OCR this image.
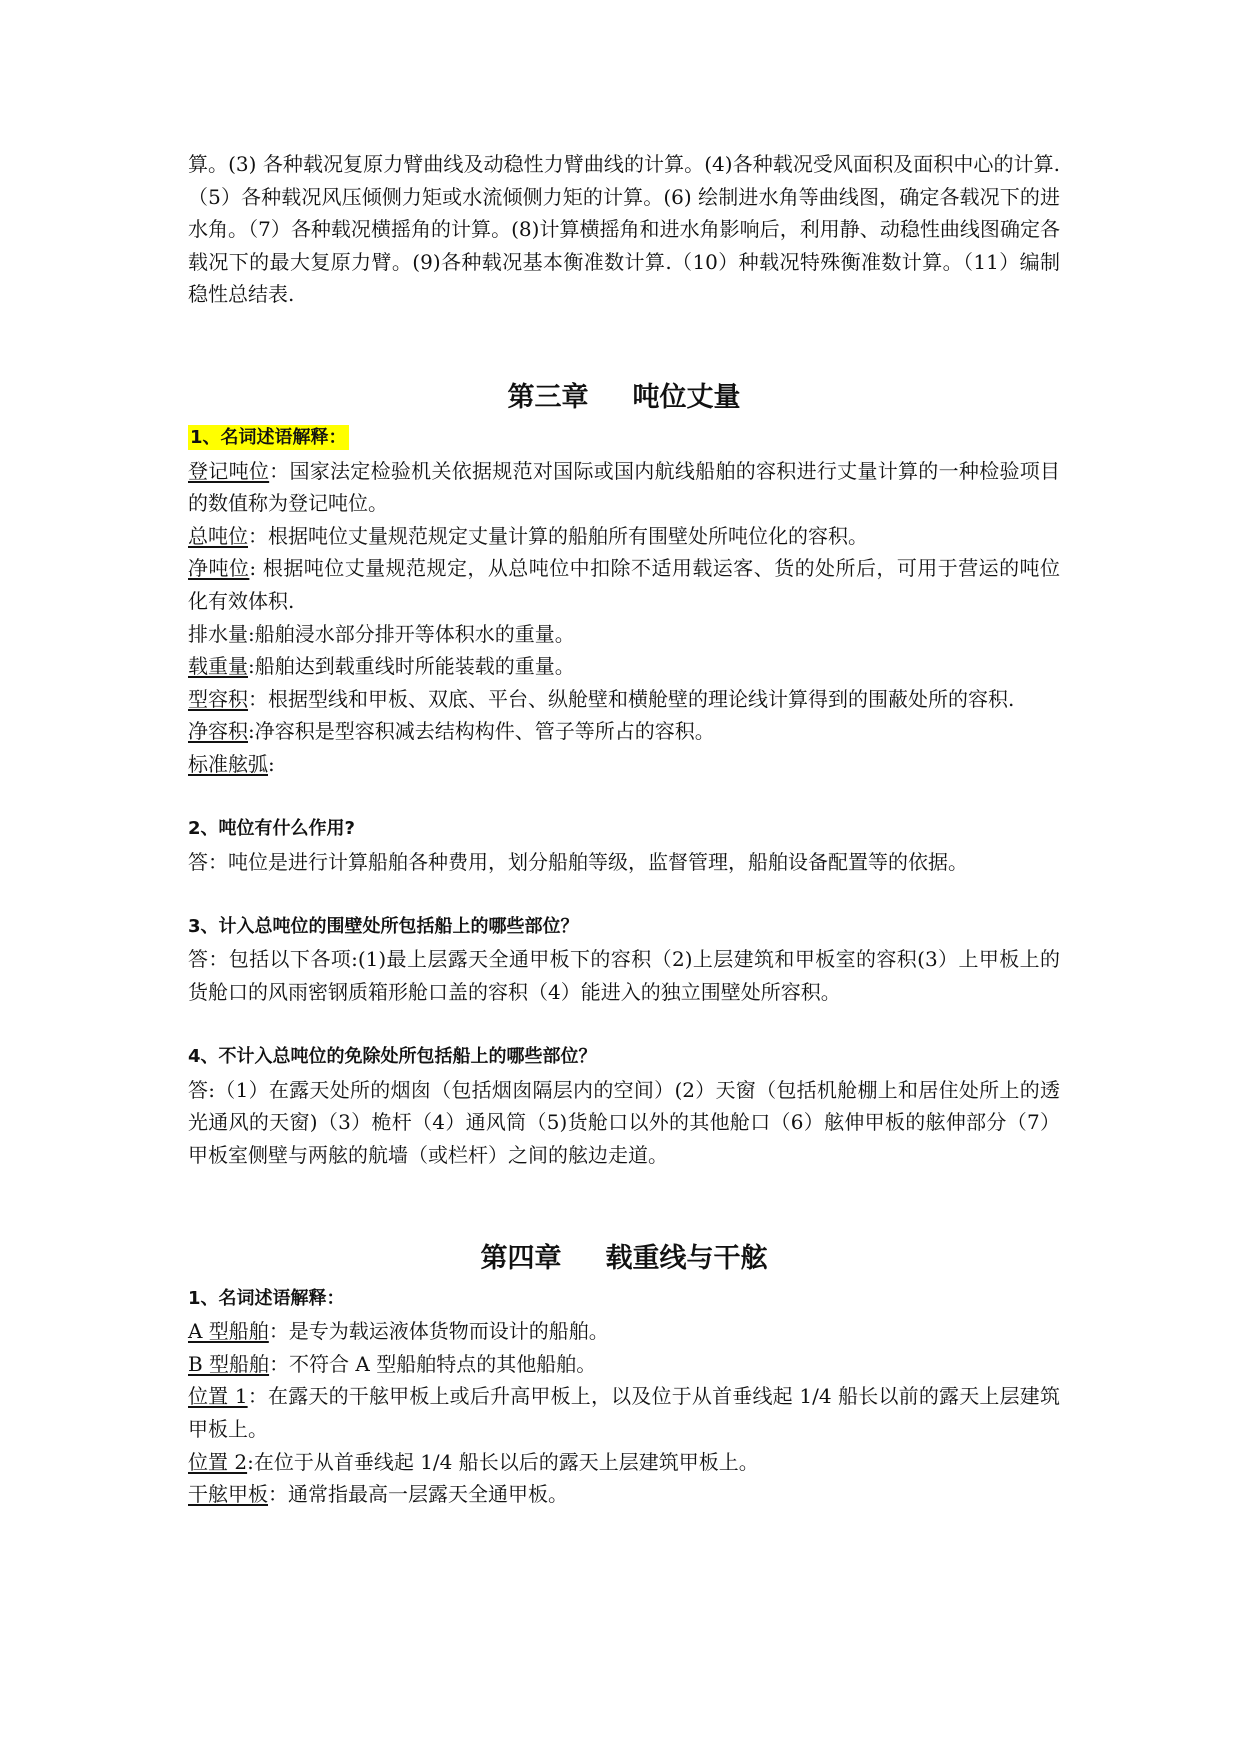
算。(3) 各种载况复原力臂曲线及动稳性力臂曲线的计算。(4)各种载况受风面积及面积中心的计算.（5）各种载况风压倾侧力矩或水流倾侧力矩的计算。(6) 绘制进水角等曲线图，确定各载况下的进水角。（7）各种载况横摇角的计算。(8)计算横摇角和进水角影响后，利用静、动稳性曲线图确定各载况下的最大复原力臂。(9)各种载况基本衡准数计算.（10）种载况特殊衡准数计算。（11）编制稳性总结表.

第三章 吨位丈量

1、名词述语解释：

登记吨位：国家法定检验机关依据规范对国际或国内航线船舶的容积进行丈量计算的一种检验项目的数值称为登记吨位。

总吨位：根据吨位丈量规范规定丈量计算的船舶所有围壁处所吨位化的容积。

净吨位: 根据吨位丈量规范规定，从总吨位中扣除不适用载运客、货的处所后，可用于营运的吨位化有效体积.

排水量:船舶浸水部分排开等体积水的重量。

载重量:船舶达到载重线时所能装载的重量。

型容积：根据型线和甲板、双底、平台、纵舱壁和横舱壁的理论线计算得到的围蔽处所的容积.

净容积:净容积是型容积减去结构构件、管子等所占的容积。

标准舷弧:

2、吨位有什么作用?

答：吨位是进行计算船舶各种费用，划分船舶等级，监督管理，船舶设备配置等的依据。

3、计入总吨位的围壁处所包括船上的哪些部位？

答：包括以下各项:(1)最上层露天全通甲板下的容积（2)上层建筑和甲板室的容积(3）上甲板上的货舱口的风雨密钢质箱形舱口盖的容积（4）能进入的独立围壁处所容积。

4、不计入总吨位的免除处所包括船上的哪些部位？

答:（1）在露天处所的烟囱（包括烟囱隔层内的空间）(2）天窗（包括机舱棚上和居住处所上的透光通风的天窗)（3）桅杆（4）通风筒（5)货舱口以外的其他舱口（6）舷伸甲板的舷伸部分（7）甲板室侧壁与两舷的航墙（或栏杆）之间的舷边走道。

第四章 载重线与干舷

1、名词述语解释：

A 型船舶：是专为载运液体货物而设计的船舶。

B 型船舶：不符合 A 型船舶特点的其他船舶。

位置 1：在露天的干舷甲板上或后升高甲板上，以及位于从首垂线起 1/4 船长以前的露天上层建筑甲板上。

位置 2:在位于从首垂线起 1/4 船长以后的露天上层建筑甲板上。

干舷甲板：通常指最高一层露天全通甲板。
